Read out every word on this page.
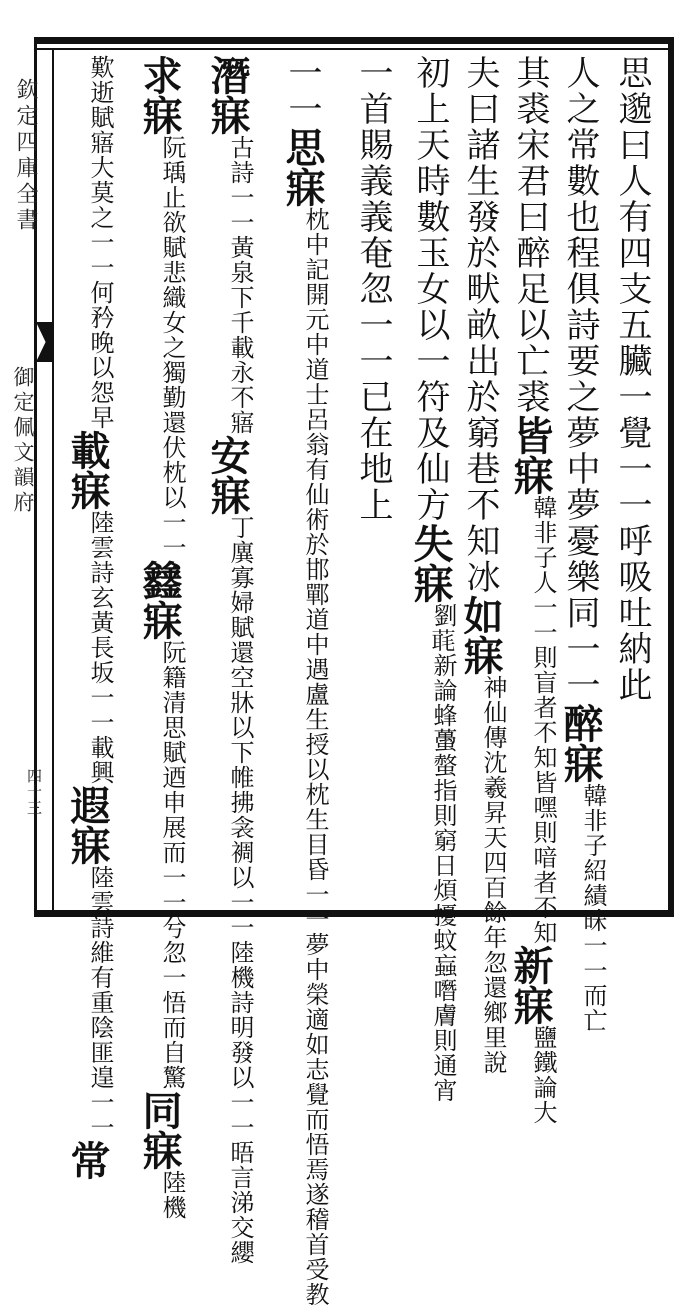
欽定四庫全書
御定佩文韻府
四十三
思邈曰人有四支五臟一覺一一呼吸吐納此
人之常數也程俱詩要之夢中夢憂樂同一一醉寐韓非子紹績昧一一而亡
其裘宋君曰醉足以亡裘皆寐韓非子人一一則盲者不知皆嘿則喑者不知新寐鹽鐵論大
夫曰諸生發於畎畝出於窮巷不知冰如寐神仙傳沈羲昇天四百餘年忽還鄉里說
初上天時數玉女以一符及仙方失寐劉𦶇新論蜂蠆螫指則窮日煩擾蚊蝱噆膚則通宵
一首賜義義奄忽一一已在地上
一一思寐枕中記開元中道士呂翁有仙術於邯鄲道中遇盧生授以枕生目昏一一夢中榮適如志覺而悟焉遂稽首受教
潛寐古詩一一黃泉下千載永不寤安寐丁廙寡婦賦還空牀以下帷拂衾裯以一一陸機詩明發以一一晤言涕交纓
求寐阮瑀止欲賦悲織女之獨勤還伏枕以一一𨰻寐阮籍清思賦迺申展而一一兮忽一悟而自驚同寐陸機
歎逝賦寤大莫之一一何矜晚以怨早載寐陸雲詩玄黃長坂一一載興遐寐陸雲詩維有重陰匪遑一一常
